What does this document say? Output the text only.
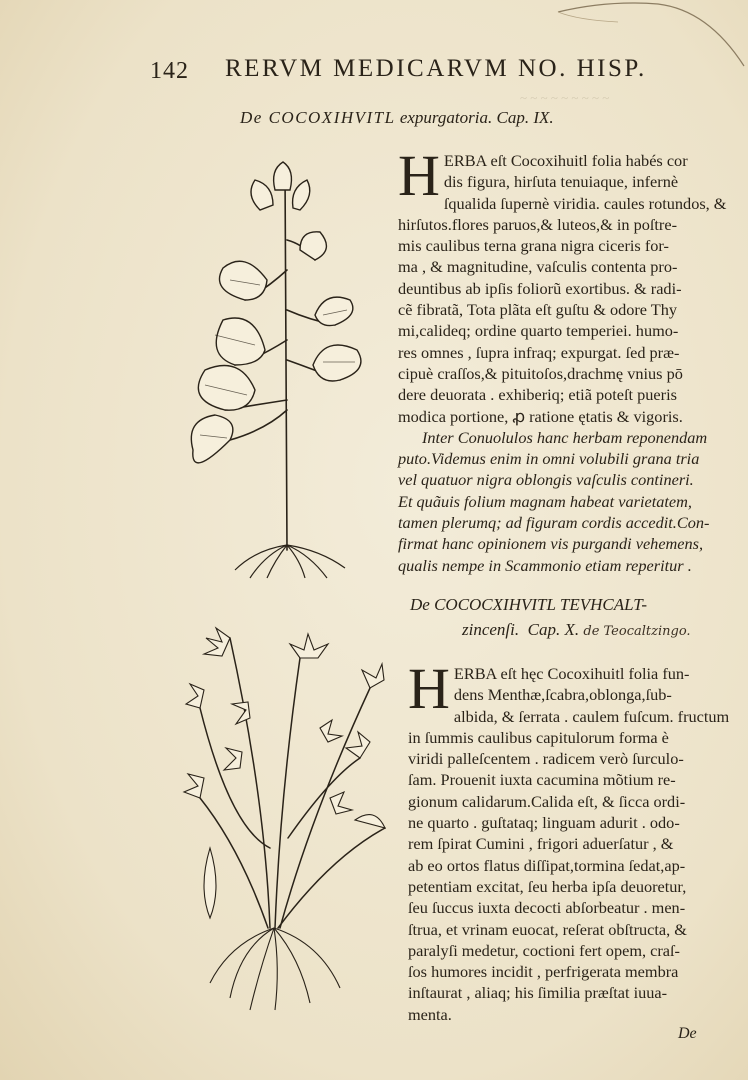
~ ~ ~ ~ ~ ~ ~ ~ ~
142 RERVM MEDICARVM NO. HISP.
De COCOXIHVITL expurgatoria. Cap. IX.
H ERBA eſt Cocoxihuitl folia habés cor
dis figura, hirſuta tenuiaque, infernè
ſqualida ſupernè viridia. caules rotundos, &
hirſutos.flores paruos,& luteos,& in poſtre-
mis caulibus terna grana nigra ciceris for-
ma , & magnitudine, vaſculis contenta pro-
deuntibus ab ipſis foliorũ exortibus. & radi-
cẽ fibratã, Tota plãta eſt guſtu & odore Thy
mi,calideq; ordine quarto temperiei. humo-
res omnes , ſupra infraq; expurgat. ſed præ-
cipuè craſſos,& pituitoſos,drachmę vnius pō
dere deuorata . exhiberiq; etiã poteſt pueris
modica portione, ꝓ ratione ętatis & vigoris.
Inter Conuolulos hanc herbam reponendam
puto.Videmus enim in omni volubili grana tria
vel quatuor nigra oblongis vaſculis contineri.
Et quãuis folium magnam habeat varietatem,
tamen plerumq; ad figuram cordis accedit.Con-
firmat hanc opinionem vis purgandi vehemens,
qualis nempe in Scammonio etiam reperitur .
De COCOCXIHVITL TEVHCALT-
zincenſi. Cap. X. de Teocaltzingo.
H ERBA eſt hęc Cocoxihuitl folia fun-
dens Menthæ,ſcabra,oblonga,ſub-
albida, & ſerrata . caulem fuſcum. fructum
in ſummis caulibus capitulorum forma è
viridi palleſcentem . radicem verò ſurculo-
ſam. Prouenit iuxta cacumina mõtium re-
gionum calidarum.Calida eſt, & ſicca ordi-
ne quarto . guſtataq; linguam adurit . odo-
rem ſpirat Cumini , frigori aduerſatur , &
ab eo ortos flatus diſſipat,tormina ſedat,ap-
petentiam excitat, ſeu herba ipſa deuoretur,
ſeu ſuccus iuxta decocti abſorbeatur . men-
ſtrua, et vrinam euocat, reſerat obſtructa, &
paralyſi medetur, coctioni fert opem, craſ-
ſos humores incidit , perfrigerata membra
inſtaurat , aliaq; his ſimilia præſtat iuua-
menta.
De
